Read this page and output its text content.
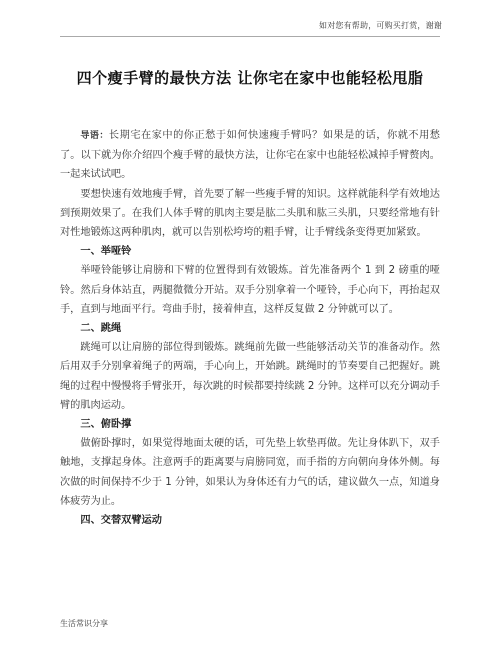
如对您有帮助，可购买打赏，谢谢
四个瘦手臂的最快方法 让你宅在家中也能轻松甩脂

导语：长期宅在家中的你正愁于如何快速瘦手臂吗？如果是的话，你就不用愁了。以下就为你介绍四个瘦手臂的最快方法，让你宅在家中也能轻松减掉手臂赘肉。一起来试试吧。

要想快速有效地瘦手臂，首先要了解一些瘦手臂的知识。这样就能科学有效地达到预期效果了。在我们人体手臂的肌肉主要是肱二头肌和肱三头肌，只要经常地有针对性地锻炼这两种肌肉，就可以告别松垮垮的粗手臂，让手臂线条变得更加紧致。

一、举哑铃

举哑铃能够让肩膀和下臂的位置得到有效锻炼。首先准备两个 1 到 2 磅重的哑铃。然后身体站直，两腿微微分开站。双手分别拿着一个哑铃，手心向下，再抬起双手，直到与地面平行。弯曲手肘，接着伸直，这样反复做 2 分钟就可以了。

二、跳绳

跳绳可以让肩膀的部位得到锻炼。跳绳前先做一些能够活动关节的准备动作。然后用双手分别拿着绳子的两端，手心向上，开始跳。跳绳时的节奏要自己把握好。跳绳的过程中慢慢将手臂张开，每次跳的时候都要持续跳 2 分钟。这样可以充分调动手臂的肌肉运动。

三、俯卧撑

做俯卧撑时，如果觉得地面太硬的话，可先垫上软垫再做。先让身体趴下，双手触地，支撑起身体。注意两手的距离要与肩膀同宽，而手指的方向朝向身体外侧。每次做的时间保持不少于 1 分钟，如果认为身体还有力气的话，建议做久一点，知道身体疲劳为止。

四、交替双臂运动
生活常识分享
